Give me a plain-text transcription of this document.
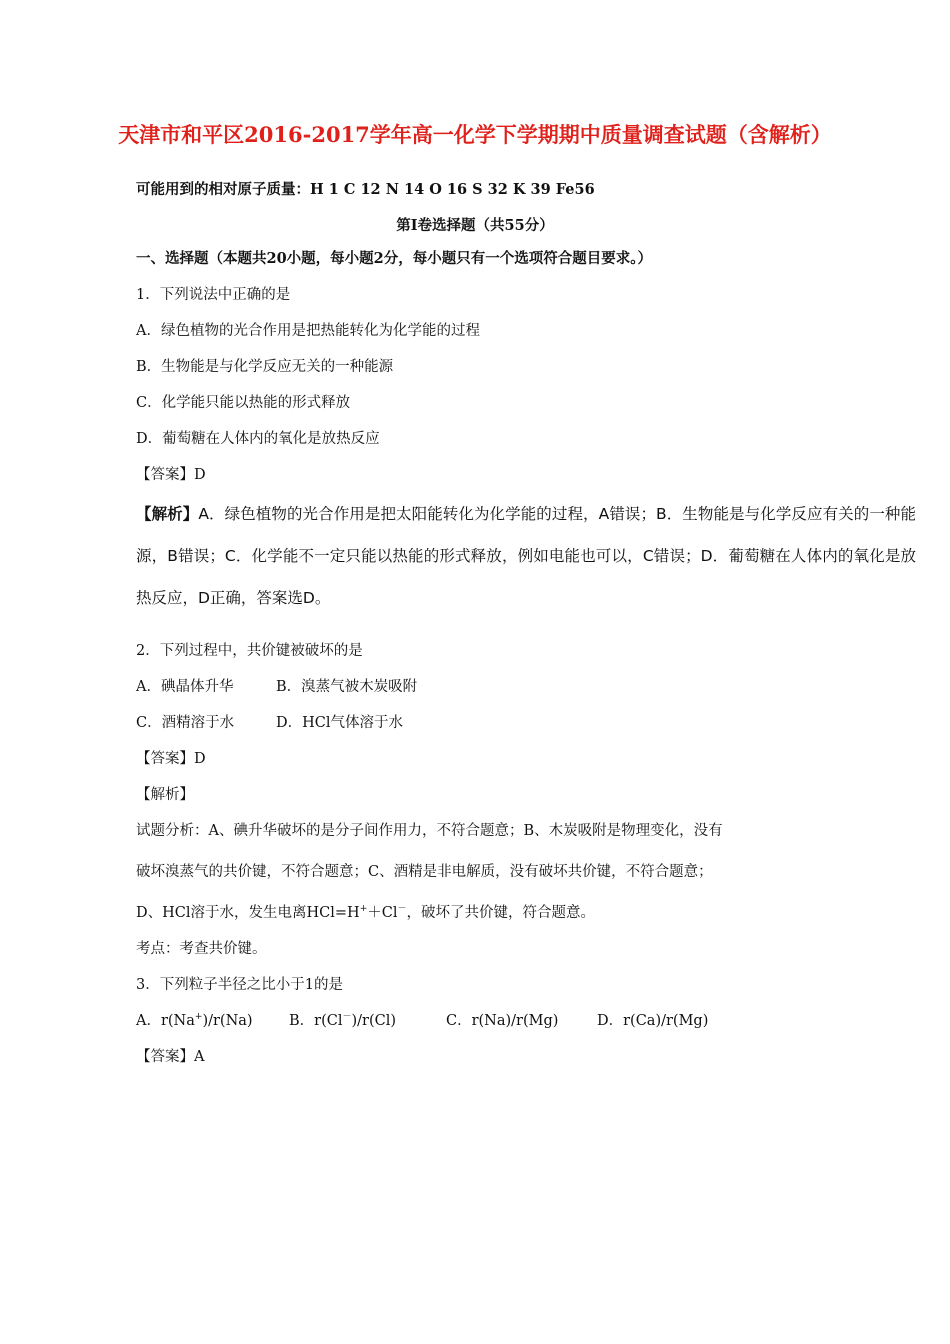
天津市和平区2016-2017学年高一化学下学期期中质量调查试题（含解析）
可能用到的相对原子质量：H 1 C 12 N 14 O 16 S 32 K 39 Fe56
第Ⅰ卷选择题（共55分）
一、选择题（本题共20小题，每小题2分，每小题只有一个选项符合题目要求。）
1．下列说法中正确的是
A．绿色植物的光合作用是把热能转化为化学能的过程
B．生物能是与化学反应无关的一种能源
C．化学能只能以热能的形式释放
D．葡萄糖在人体内的氧化是放热反应
【答案】D
【解析】A．绿色植物的光合作用是把太阳能转化为化学能的过程，A错误；B．生物能是与化学反应有关的一种能源，B错误；C．化学能不一定只能以热能的形式释放，例如电能也可以，C错误；D．葡萄糖在人体内的氧化是放热反应，D正确，答案选D。
2．下列过程中，共价键被破坏的是
A．碘晶体升华	B．溴蒸气被木炭吸附
C．酒精溶于水	D．HCl气体溶于水
【答案】D
【解析】
试题分析：A、碘升华破坏的是分子间作用力，不符合题意；B、木炭吸附是物理变化，没有
破坏溴蒸气的共价键，不符合题意；C、酒精是非电解质，没有破坏共价键，不符合题意；
D、HCl溶于水，发生电离HCl=H+＋Cl－，破坏了共价键，符合题意。
考点：考查共价键。
3．下列粒子半径之比小于1的是
A．r(Na+)/r(Na)	B．r(Cl－)/r(Cl)	C．r(Na)/r(Mg)	D．r(Ca)/r(Mg)
【答案】A
